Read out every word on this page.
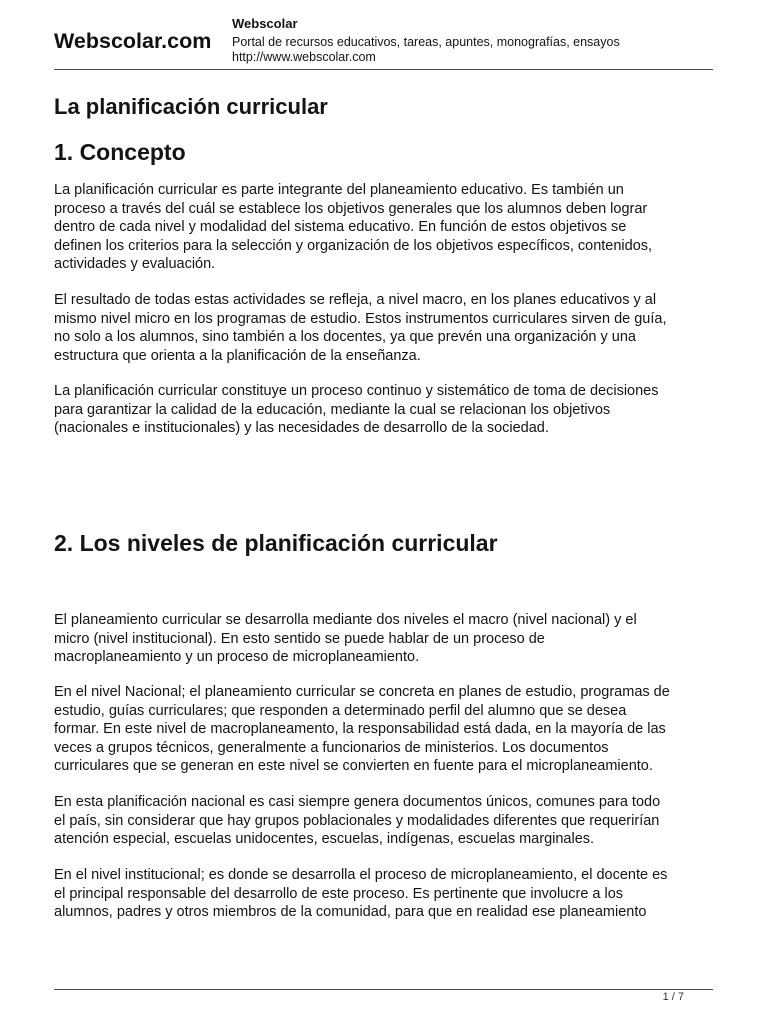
Webscolar.com
Webscolar
Portal de recursos educativos, tareas, apuntes, monografías, ensayos
http://www.webscolar.com
La planificación curricular
1. Concepto
La planificación curricular es parte integrante del planeamiento educativo. Es también un
proceso a través del cuál se establece los objetivos generales que los alumnos deben lograr
dentro de cada nivel y modalidad del sistema educativo. En función de estos objetivos se
definen los criterios para la selección y organización de los objetivos específicos, contenidos,
actividades y evaluación.
El resultado de todas estas actividades se refleja, a nivel macro, en los planes educativos y al
mismo nivel micro en los programas de estudio. Estos instrumentos curriculares sirven de guía,
no solo a los alumnos, sino también a los docentes, ya que prevén una organización y una
estructura que orienta a la planificación de la enseñanza.
La planificación curricular constituye un proceso continuo y sistemático de toma de decisiones
para garantizar la calidad de la educación, mediante la cual se relacionan los objetivos
(nacionales e institucionales) y las necesidades de desarrollo de la sociedad.
2. Los niveles de planificación curricular
El planeamiento curricular se desarrolla mediante dos niveles el macro (nivel nacional) y el
micro (nivel institucional). En esto sentido se puede hablar de un proceso de
macroplaneamiento y un proceso de microplaneamiento.
En el nivel Nacional; el planeamiento curricular se concreta en planes de estudio, programas de
estudio, guías curriculares; que responden a determinado perfil del alumno que se desea
formar. En este nivel de macroplaneamento, la responsabilidad está dada, en la mayoría de las
veces a grupos técnicos, generalmente a funcionarios de ministerios. Los documentos
curriculares que se generan en este nivel se convierten en fuente para el microplaneamiento.
En esta planificación nacional es casi siempre genera documentos únicos, comunes para todo
el país, sin considerar que hay grupos poblacionales y modalidades diferentes que requerirían
atención especial, escuelas unidocentes, escuelas, indígenas, escuelas marginales.
En el nivel institucional; es donde se desarrolla el proceso de microplaneamiento, el docente es
el principal responsable del desarrollo de este proceso. Es pertinente que involucre a los
alumnos, padres y otros miembros de la comunidad, para que en realidad ese planeamiento
1 / 7
